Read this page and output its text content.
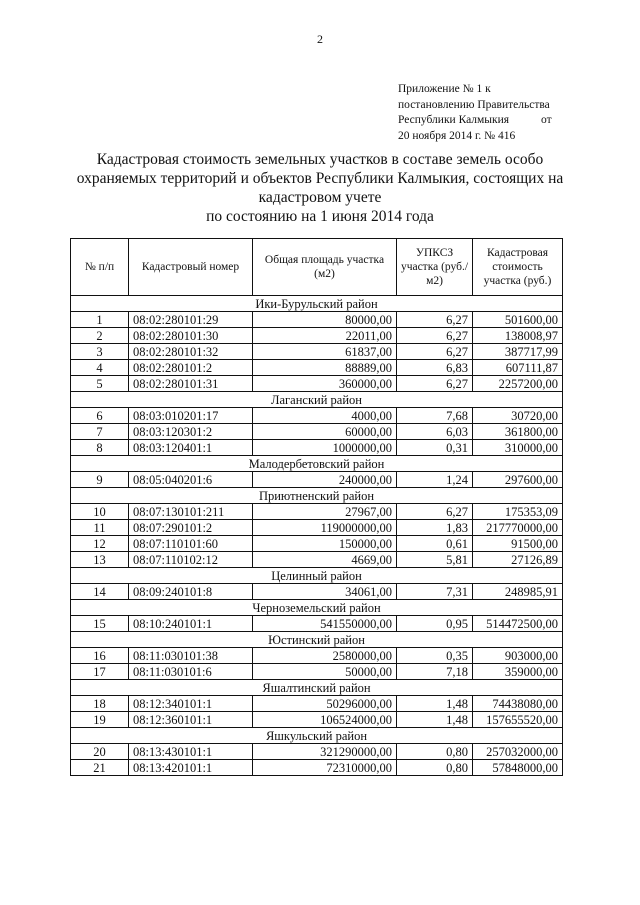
2
Приложение № 1 к
постановлению Правительства
Республики Калмыкия	от
20 ноября 2014 г. № 416
Кадастровая стоимость земельных участков в составе земель особо
охраняемых территорий и объектов Республики Калмыкия, состоящих на
кадастровом учете
по состоянию на 1 июня 2014 года
№ п/п	Кадастровый номер	Общая площадь участка (м2)	УПКСЗ участка (руб./м2)	Кадастровая стоимость участка (руб.)
Ики-Бурульский район				
1	08:02:280101:29	80000,00	6,27	501600,00
2	08:02:280101:30	22011,00	6,27	138008,97
3	08:02:280101:32	61837,00	6,27	387717,99
4	08:02:280101:2	88889,00	6,83	607111,87
5	08:02:280101:31	360000,00	6,27	2257200,00
Лаганский район				
6	08:03:010201:17	4000,00	7,68	30720,00
7	08:03:120301:2	60000,00	6,03	361800,00
8	08:03:120401:1	1000000,00	0,31	310000,00
Малодербетовский район				
9	08:05:040201:6	240000,00	1,24	297600,00
Приютненский район				
10	08:07:130101:211	27967,00	6,27	175353,09
11	08:07:290101:2	119000000,00	1,83	217770000,00
12	08:07:110101:60	150000,00	0,61	91500,00
13	08:07:110102:12	4669,00	5,81	27126,89
Целинный район				
14	08:09:240101:8	34061,00	7,31	248985,91
Черноземельский район				
15	08:10:240101:1	541550000,00	0,95	514472500,00
Юстинский район				
16	08:11:030101:38	2580000,00	0,35	903000,00
17	08:11:030101:6	50000,00	7,18	359000,00
Яшалтинский район				
18	08:12:340101:1	50296000,00	1,48	74438080,00
19	08:12:360101:1	106524000,00	1,48	157655520,00
Яшкульский район				
20	08:13:430101:1	321290000,00	0,80	257032000,00
21	08:13:420101:1	72310000,00	0,80	57848000,00
